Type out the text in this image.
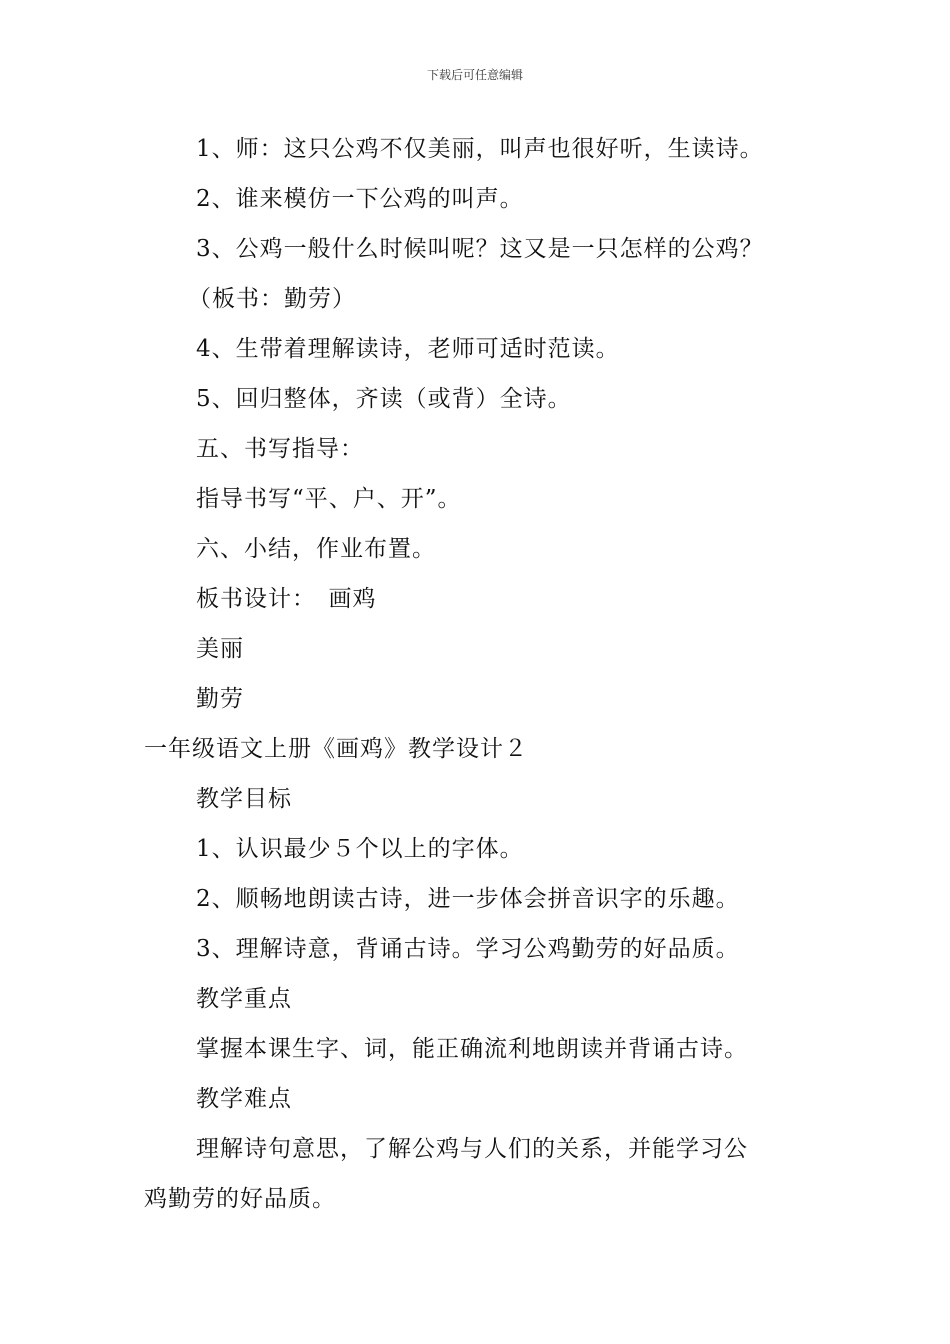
下载后可任意编辑
1、师：这只公鸡不仅美丽，叫声也很好听，生读诗。
2、谁来模仿一下公鸡的叫声。
3、公鸡一般什么时候叫呢？这又是一只怎样的公鸡？
（板书：勤劳）
4、生带着理解读诗，老师可适时范读。
5、回归整体，齐读（或背）全诗。
五、书写指导：
指导书写“平、户、开”。
六、小结，作业布置。
板书设计：　画鸡
美丽
勤劳
一年级语文上册《画鸡》教学设计２
教学目标
1、认识最少５个以上的字体。
2、顺畅地朗读古诗，进一步体会拼音识字的乐趣。
3、理解诗意，背诵古诗。学习公鸡勤劳的好品质。
教学重点
掌握本课生字、词，能正确流利地朗读并背诵古诗。
教学难点
理解诗句意思，了解公鸡与人们的关系，并能学习公
鸡勤劳的好品质。
